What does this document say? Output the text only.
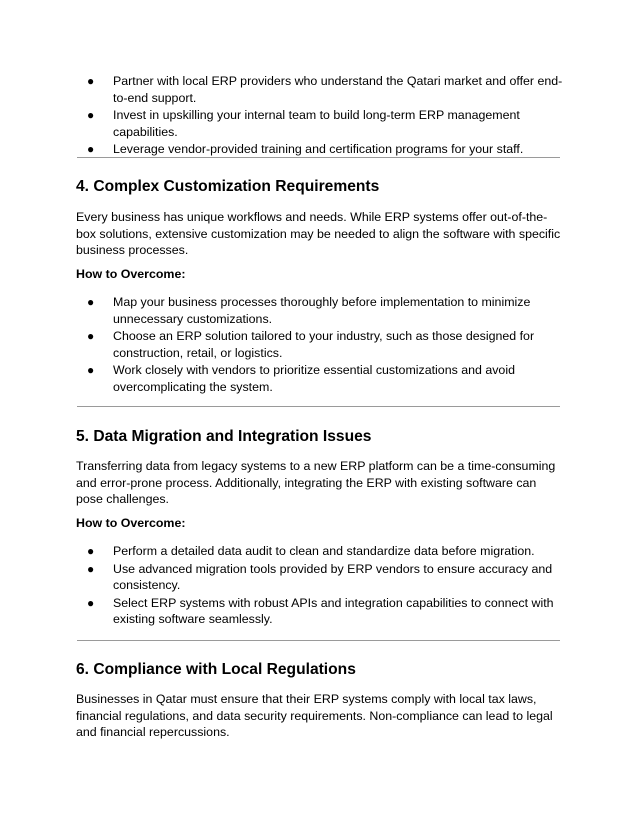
● Partner with local ERP providers who understand the Qatari market and offer end-to-end support.
● Invest in upskilling your internal team to build long-term ERP management capabilities.
● Leverage vendor-provided training and certification programs for your staff.
4. Complex Customization Requirements

Every business has unique workflows and needs. While ERP systems offer out-of-the-box solutions, extensive customization may be needed to align the software with specific business processes.

How to Overcome:

● Map your business processes thoroughly before implementation to minimize unnecessary customizations.
● Choose an ERP solution tailored to your industry, such as those designed for construction, retail, or logistics.
● Work closely with vendors to prioritize essential customizations and avoid overcomplicating the system.
5. Data Migration and Integration Issues

Transferring data from legacy systems to a new ERP platform can be a time-consuming and error-prone process. Additionally, integrating the ERP with existing software can pose challenges.

How to Overcome:

● Perform a detailed data audit to clean and standardize data before migration.
● Use advanced migration tools provided by ERP vendors to ensure accuracy and consistency.
● Select ERP systems with robust APIs and integration capabilities to connect with existing software seamlessly.
6. Compliance with Local Regulations

Businesses in Qatar must ensure that their ERP systems comply with local tax laws, financial regulations, and data security requirements. Non-compliance can lead to legal and financial repercussions.
